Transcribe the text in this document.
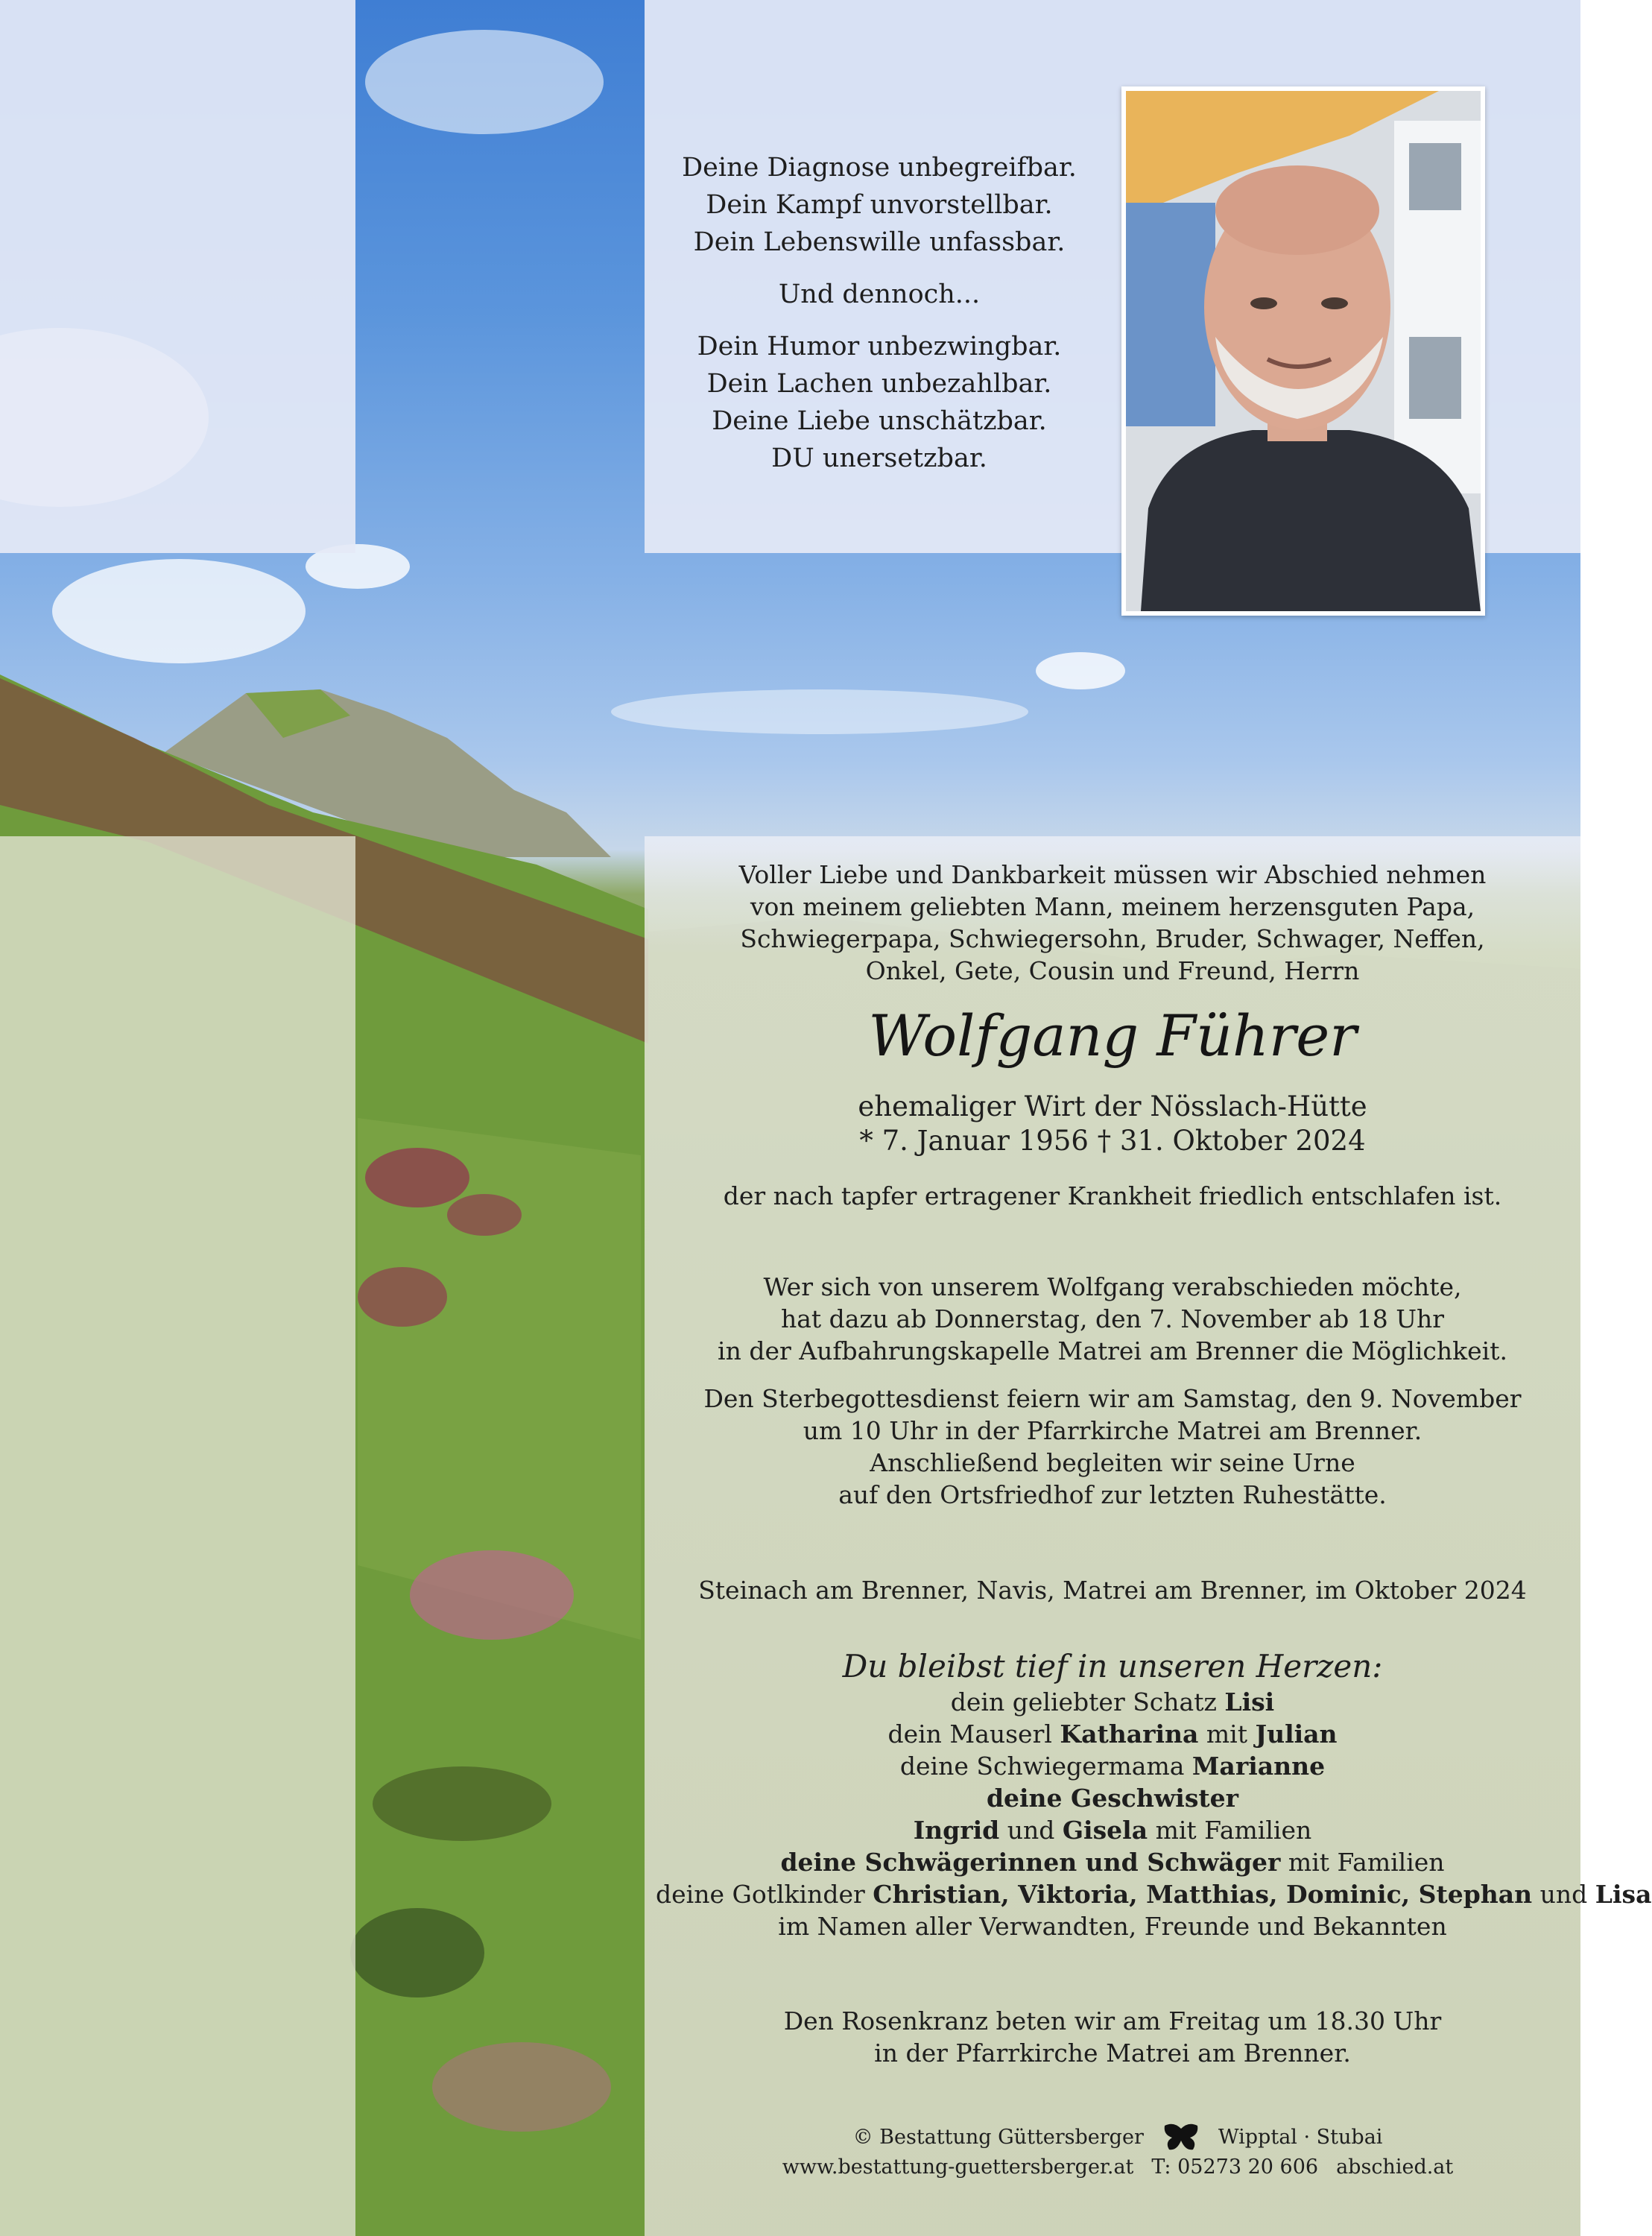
Deine Diagnose unbegreifbar.
Dein Kampf unvorstellbar.
Dein Lebenswille unfassbar.
Und dennoch...
Dein Humor unbezwingbar.
Dein Lachen unbezahlbar.
Deine Liebe unschätzbar.
DU unersetzbar.
Voller Liebe und Dankbarkeit müssen wir Abschied nehmen
von meinem geliebten Mann, meinem herzensguten Papa,
Schwiegerpapa, Schwiegersohn, Bruder, Schwager, Neffen,
Onkel, Gete, Cousin und Freund, Herrn
Wolfgang Führer
ehemaliger Wirt der Nösslach-Hütte
* 7. Januar 1956 † 31. Oktober 2024
der nach tapfer ertragener Krankheit friedlich entschlafen ist.
Wer sich von unserem Wolfgang verabschieden möchte,
hat dazu ab Donnerstag, den 7. November ab 18 Uhr
in der Aufbahrungskapelle Matrei am Brenner die Möglichkeit.
Den Sterbegottesdienst feiern wir am Samstag, den 9. November
um 10 Uhr in der Pfarrkirche Matrei am Brenner.
Anschließend begleiten wir seine Urne
auf den Ortsfriedhof zur letzten Ruhestätte.
Steinach am Brenner, Navis, Matrei am Brenner, im Oktober 2024
Du bleibst tief in unseren Herzen:
dein geliebter Schatz Lisi
dein Mauserl Katharina mit Julian
deine Schwiegermama Marianne
deine Geschwister
Ingrid und Gisela mit Familien
deine Schwägerinnen und Schwäger mit Familien
deine Gotlkinder Christian, Viktoria, Matthias, Dominic, Stephan und Lisa
im Namen aller Verwandten, Freunde und Bekannten
Den Rosenkranz beten wir am Freitag um 18.30 Uhr
in der Pfarrkirche Matrei am Brenner.
© Bestattung Güttersberger	Wipptal · Stubai
www.bestattung-guettersberger.at T: 05273 20 606 abschied.at
